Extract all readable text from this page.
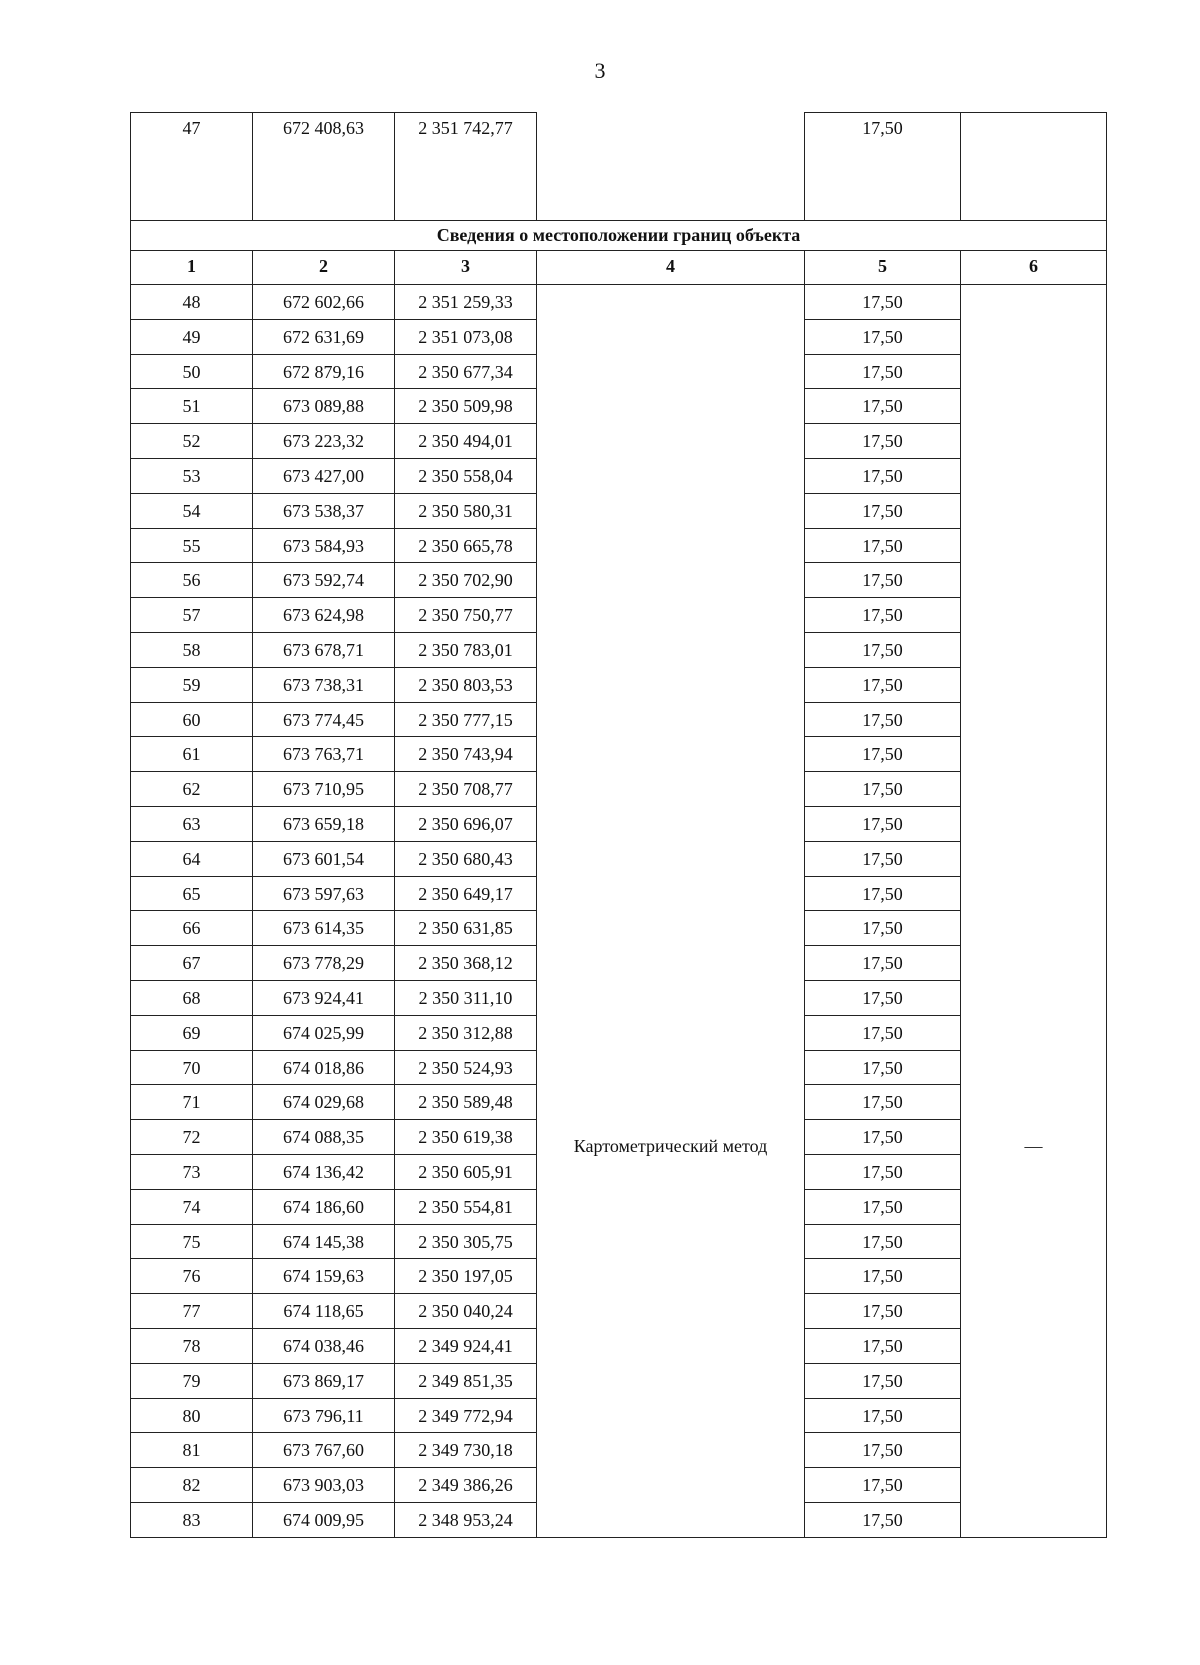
3
47	672 408,63	2 351 742,77		17,50	
Сведения о местоположении границ объекта					
1	2	3	4	5	6
48	672 602,66	2 351 259,33	Картометрический метод	17,50	—
49	672 631,69	2 351 073,08		17,50	
50	672 879,16	2 350 677,34		17,50	
51	673 089,88	2 350 509,98		17,50	
52	673 223,32	2 350 494,01		17,50	
53	673 427,00	2 350 558,04		17,50	
54	673 538,37	2 350 580,31		17,50	
55	673 584,93	2 350 665,78		17,50	
56	673 592,74	2 350 702,90		17,50	
57	673 624,98	2 350 750,77		17,50	
58	673 678,71	2 350 783,01		17,50	
59	673 738,31	2 350 803,53		17,50	
60	673 774,45	2 350 777,15		17,50	
61	673 763,71	2 350 743,94		17,50	
62	673 710,95	2 350 708,77		17,50	
63	673 659,18	2 350 696,07		17,50	
64	673 601,54	2 350 680,43		17,50	
65	673 597,63	2 350 649,17		17,50	
66	673 614,35	2 350 631,85		17,50	
67	673 778,29	2 350 368,12		17,50	
68	673 924,41	2 350 311,10		17,50	
69	674 025,99	2 350 312,88		17,50	
70	674 018,86	2 350 524,93		17,50	
71	674 029,68	2 350 589,48		17,50	
72	674 088,35	2 350 619,38		17,50	
73	674 136,42	2 350 605,91		17,50	
74	674 186,60	2 350 554,81		17,50	
75	674 145,38	2 350 305,75		17,50	
76	674 159,63	2 350 197,05		17,50	
77	674 118,65	2 350 040,24		17,50	
78	674 038,46	2 349 924,41		17,50	
79	673 869,17	2 349 851,35		17,50	
80	673 796,11	2 349 772,94		17,50	
81	673 767,60	2 349 730,18		17,50	
82	673 903,03	2 349 386,26		17,50	
83	674 009,95	2 348 953,24		17,50	
